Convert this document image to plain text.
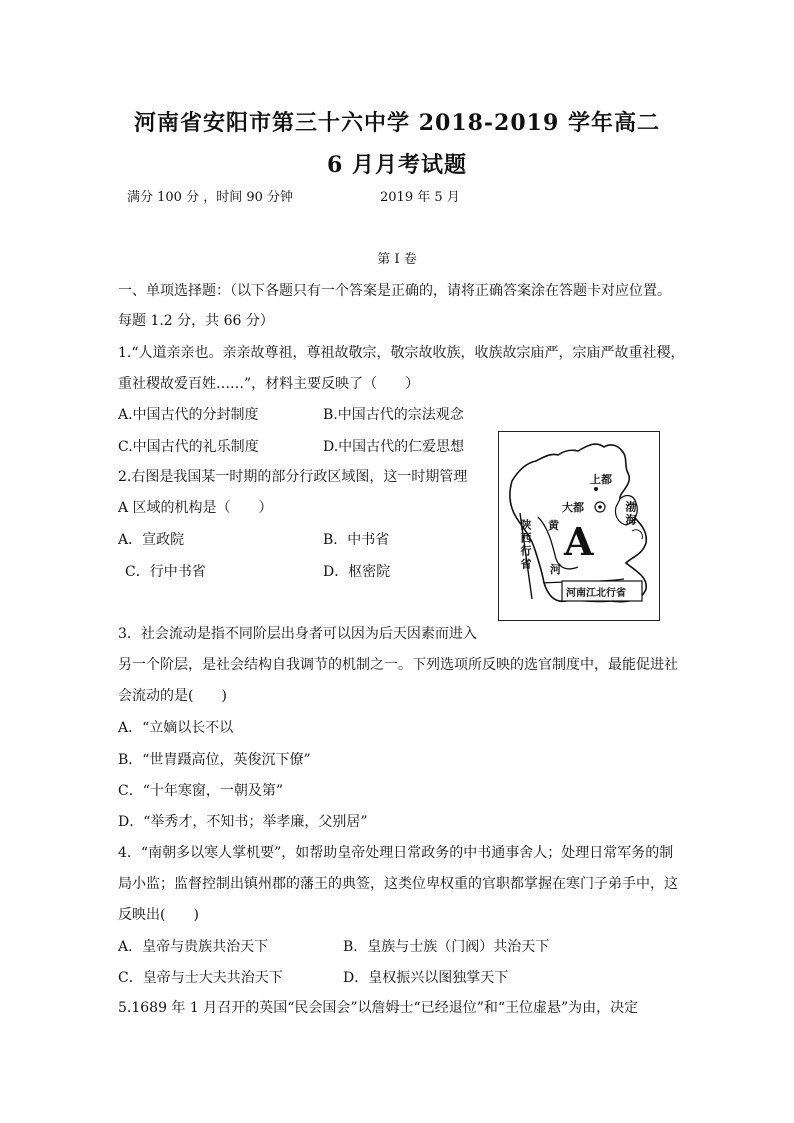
河南省安阳市第三十六中学 2018-2019 学年高二
6 月月考试题
满分 100 分 ，时间 90 分钟	2019 年 5 月
第 I 卷
一、单项选择题：（以下各题只有一个答案是正确的，请将正确答案涂在答题卡对应位置。
每题 1.2 分，共 66 分）
1.“人道亲亲也。亲亲故尊祖，尊祖故敬宗，敬宗故收族，收族故宗庙严，宗庙严故重社稷，
重社稷故爱百姓……”，材料主要反映了（　　）
A.中国古代的分封制度	B.中国古代的宗法观念
C.中国古代的礼乐制度	D.中国古代的仁爱思想
2.右图是我国某一时期的部分行政区域图，这一时期管理
A 区域的机构是（　　）
A．宣政院	B．中书省
C．行中书省	D．枢密院
上都
大都
黄
河
渤海
陕西行省 A
河南江北行省
3．社会流动是指不同阶层出身者可以因为后天因素而进入
另一个阶层，是社会结构自我调节的机制之一。下列选项所反映的选官制度中，最能促进社
会流动的是(　　)
A．“立嫡以长不以
B．“世胄蹑高位，英俊沉下僚”
C．“十年寒窗，一朝及第”
D．“举秀才，不知书；举孝廉，父别居”
4．“南朝多以寒人掌机要”，如帮助皇帝处理日常政务的中书通事舍人；处理日常军务的制
局小监；监督控制出镇州郡的藩王的典签，这类位卑权重的官职都掌握在寒门子弟手中，这
反映出(　　)
A．皇帝与贵族共治天下	B．皇族与士族（门阀）共治天下
C．皇帝与士大夫共治天下	D．皇权振兴以图独掌天下
5.1689 年 1 月召开的英国“民会国会”以詹姆士“已经退位”和“王位虚悬”为由，决定
